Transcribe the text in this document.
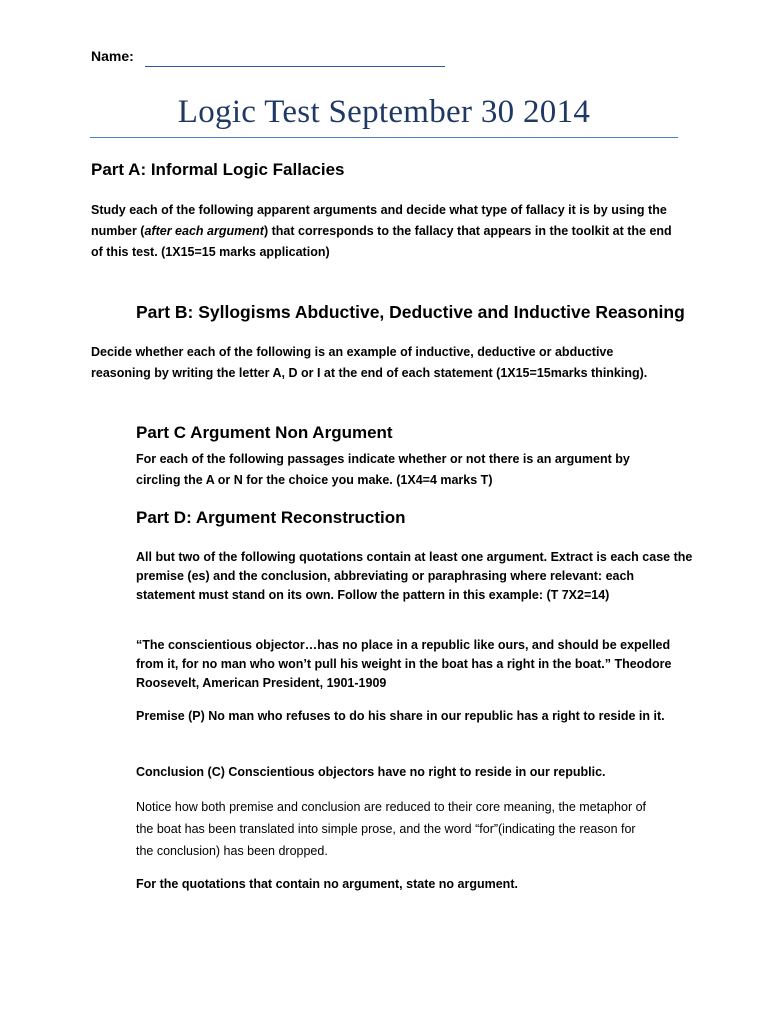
Name:
Logic Test September 30 2014
Part A: Informal Logic Fallacies
Study each of the following apparent arguments and decide what type of fallacy it is by using the number (after each argument) that corresponds to the fallacy that appears in the toolkit at the end of this test. (1X15=15 marks application)
Part B: Syllogisms Abductive, Deductive and Inductive Reasoning
Decide whether each of the following is an example of inductive, deductive or abductive reasoning by writing the letter A, D or I at the end of each statement (1X15=15marks thinking).
Part C Argument Non Argument
For each of the following passages indicate whether or not there is an argument by circling the A or N for the choice you make. (1X4=4 marks T)
Part D: Argument Reconstruction
All but two of the following quotations contain at least one argument. Extract is each case the premise (es) and the conclusion, abbreviating or paraphrasing where relevant: each statement must stand on its own. Follow the pattern in this example: (T 7X2=14)
“The conscientious objector…has no place in a republic like ours, and should be expelled from it, for no man who won’t pull his weight in the boat has a right in the boat.” Theodore Roosevelt, American President, 1901-1909
Premise (P) No man who refuses to do his share in our republic has a right to reside in it.
Conclusion (C) Conscientious objectors have no right to reside in our republic.
Notice how both premise and conclusion are reduced to their core meaning, the metaphor of the boat has been translated into simple prose, and the word “for”(indicating the reason for the conclusion) has been dropped.
For the quotations that contain no argument, state no argument.
